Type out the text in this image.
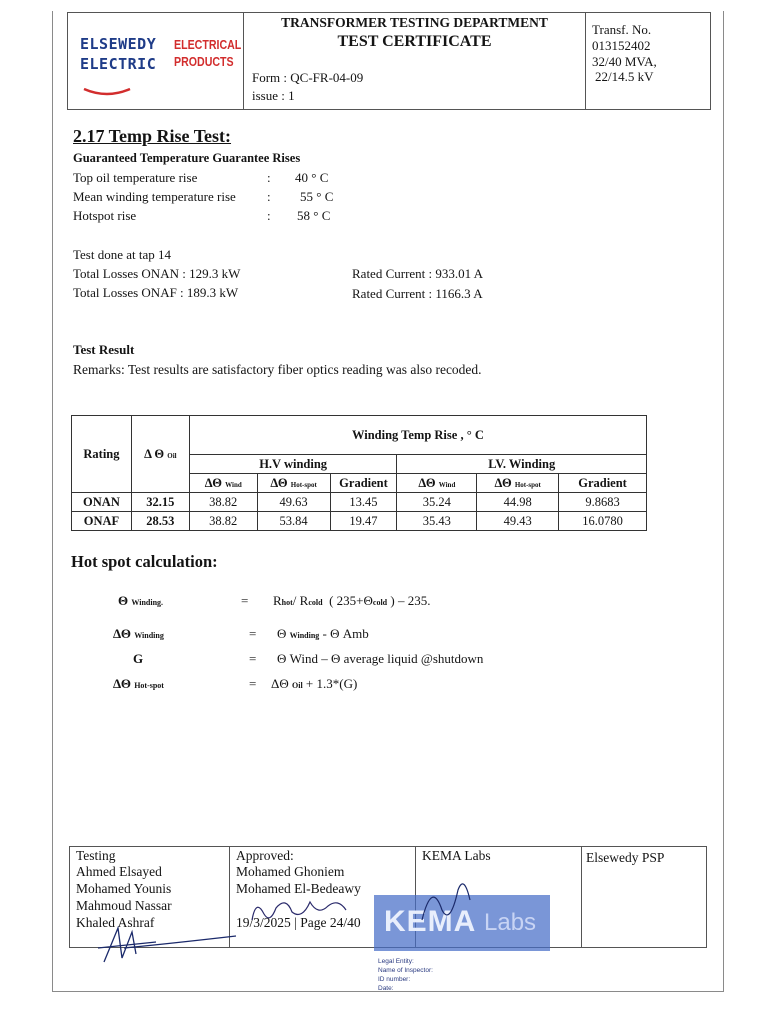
ELSEWEDY
ELECTRIC
ELECTRICAL
PRODUCTS
TRANSFORMER TESTING DEPARTMENT
TEST CERTIFICATE
Form : QC-FR-04-09
issue : 1
Transf. No.
013152402
32/40 MVA,
22/14.5 kV
2.17 Temp Rise Test:
Guaranteed Temperature Guarantee Rises
Top oil temperature rise	: 40 ° C
Mean winding temperature rise : 55 ° C
Hotspot rise	: 58 ° C
Test done at tap 14
Total Losses ONAN : 129.3 kW
Total Losses ONAF : 189.3 kW
Rated Current : 933.01 A
Rated Current : 1166.3 A
Test Result
Remarks: Test results are satisfactory fiber optics reading was also recoded.
Rating	Δ Θ Oil	Winding Temp Rise , ° C					
		H.V winding			LV. Winding		
		ΔΘ Wind	ΔΘ Hot-spot	Gradient	ΔΘ Wind	ΔΘ Hot-spot	Gradient
ONAN	32.15	38.82	49.63	13.45	35.24	44.98	9.8683
ONAF	28.53	38.82	53.84	19.47	35.43	49.43	16.0780
Hot spot calculation:
Θ Winding.	= Rhot/ Rcold ( 235+Θcold ) – 235.
ΔΘ Winding	= Θ Winding - Θ Amb
G	= Θ Wind – Θ average liquid @shutdown
ΔΘ Hot-spot	= ΔΘ Oil + 1.3*(G)
Testing
Ahmed Elsayed
Mohamed Younis
Mahmoud Nassar
Khaled Ashraf
Approved:
Mohamed Ghoniem
Mohamed El-Bedeawy
19/3/2025 | Page 24/40
KEMA Labs	Elsewedy PSP
KEMA Labs
Legal Entity:
Name of Inspector:
ID number:
Date:
